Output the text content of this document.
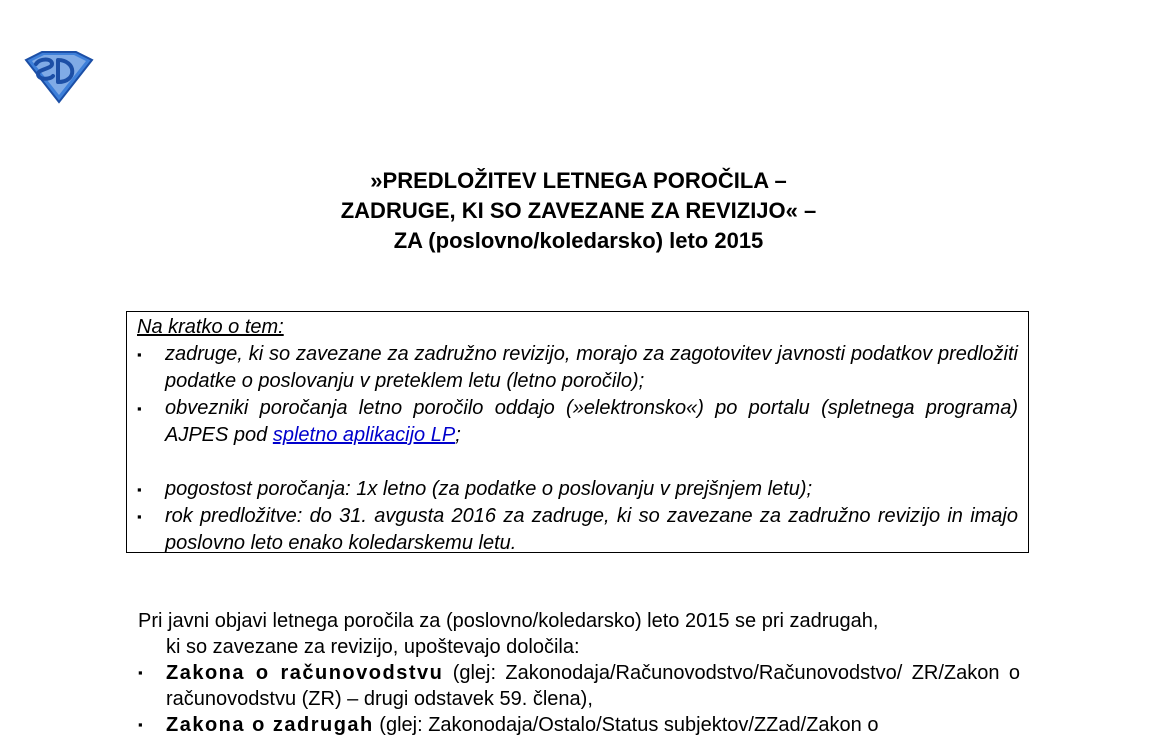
»PREDLOŽITEV LETNEGA POROČILA –
ZADRUGE, KI SO ZAVEZANE ZA REVIZIJO« –
ZA (poslovno/koledarsko) leto 2015
Na kratko o tem:
▪	zadruge, ki so zavezane za zadružno revizijo, morajo za zagotovitev javnosti podatkov predložiti podatke o poslovanju v preteklem letu (letno poročilo);
▪	obvezniki poročanja letno poročilo oddajo (»elektronsko«) po portalu (spletnega programa) AJPES pod spletno aplikacijo LP;
▪	pogostost poročanja: 1x letno (za podatke o poslovanju v prejšnjem letu);
▪	rok predložitve: do 31. avgusta 2016 za zadruge, ki so zavezane za zadružno revizijo in imajo poslovno leto enako koledarskemu letu.

Pri javni objavi letnega poročila za (poslovno/koledarsko) leto 2015 se pri zadrugah,
ki so zavezane za revizijo, upoštevajo določila:

▪	Zakona o računovodstvu (glej: Zakonodaja/Računovodstvo/Računovodstvo/ ZR/Zakon o računovodstvu (ZR) – drugi odstavek 59. člena),
▪	Zakona o zadrugah (glej: Zakonodaja/Ostalo/Status subjektov/ZZad/Zakon o
